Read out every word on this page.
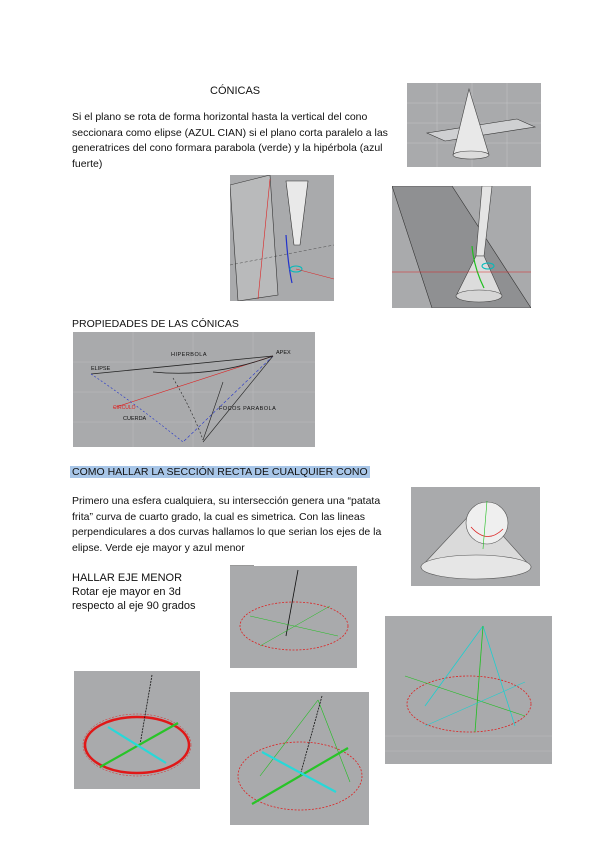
CÓNICAS
Si el plano se rota de forma horizontal hasta la vertical del cono seccionara como elipse (AZUL CIAN) si el plano corta paralelo a las generatrices del cono formara parabola (verde) y la hipérbola (azul fuerte)
PROPIEDADES DE LAS CÓNICAS
HIPERBOLA	APEX
ELIPSE
CIRCULO
CUERDA
FOCOS PARABOLA
COMO HALLAR LA SECCIÓN RECTA DE CUALQUIER CONO
Primero una esfera cualquiera, su intersección genera una “patata frita” curva de cuarto grado, la cual es simetrica. Con las lineas perpendiculares a dos curvas hallamos lo que serian los ejes de la elipse. Verde eje mayor y azul menor
HALLAR EJE MENOR
Rotar eje mayor en 3d
respecto al eje 90 grados
